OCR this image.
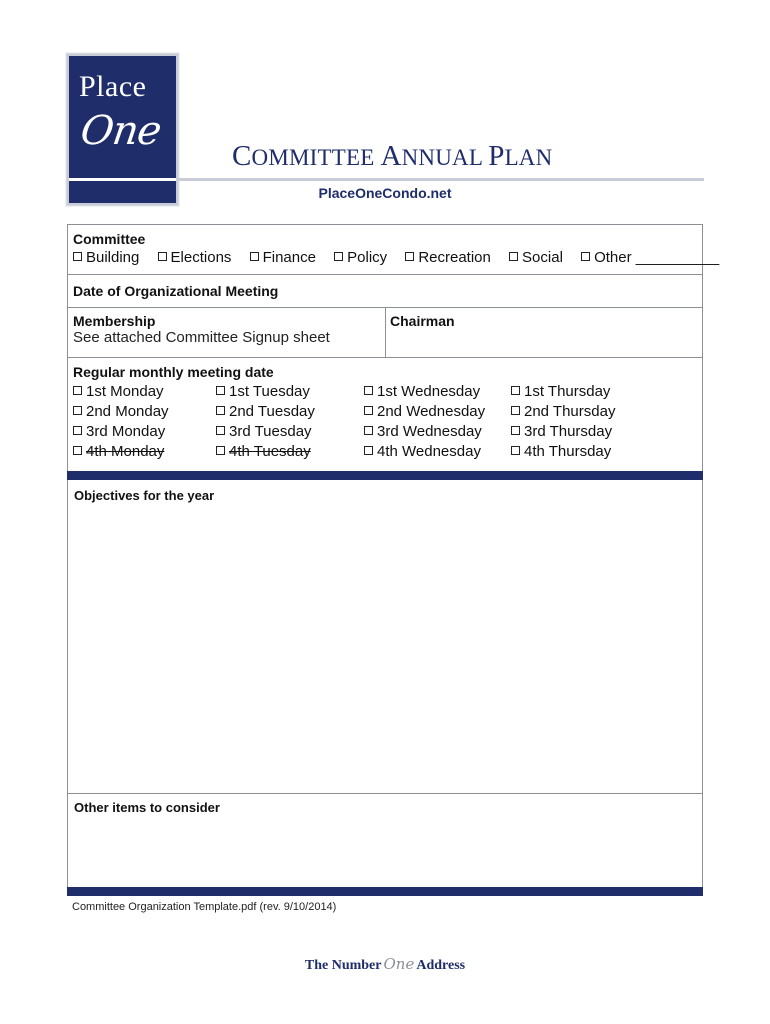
Place
One
COMMITTEE ANNUAL PLAN
PlaceOneCondo.net
Committee
Building Elections Finance Policy Recreation Social Other __________
Date of Organizational Meeting
Membership
See attached Committee Signup sheet
Chairman
Regular monthly meeting date
1st Monday
2nd Monday
3rd Monday
4th Monday
1st Tuesday
2nd Tuesday
3rd Tuesday
4th Tuesday
1st Wednesday
2nd Wednesday
3rd Wednesday
4th Wednesday
1st Thursday
2nd Thursday
3rd Thursday
4th Thursday
Objectives for the year
Other items to consider
Committee Organization Template.pdf (rev. 9/10/2014)
The Number One Address
